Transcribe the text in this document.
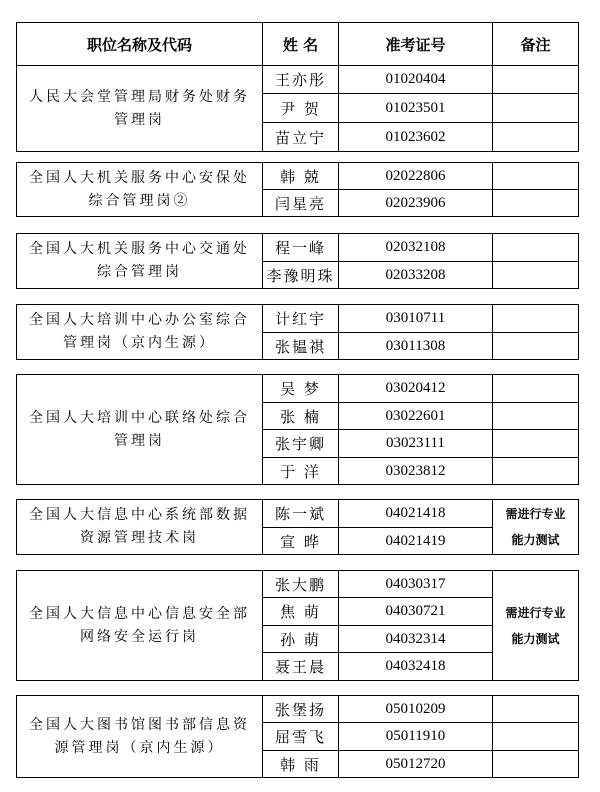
职位名称及代码	姓 名	准考证号	备注
人民大会堂管理局财务处财务管理岗	王亦彤	01020404	
	尹 贺	01023501	
	苗立宁	01023602	
全国人大机关服务中心安保处综合管理岗②	韩 兢	02022806	
	闫星亮	02023906	
全国人大机关服务中心交通处综合管理岗	程一峰	02032108	
	李豫明珠	02033208	
全国人大培训中心办公室综合管理岗（京内生源）	计红宇	03010711	
	张韫祺	03011308	
全国人大培训中心联络处综合管理岗	吴 梦	03020412	
	张 楠	03022601	
	张宇卿	03023111	
	于 洋	03023812	
全国人大信息中心系统部数据资源管理技术岗	陈一斌	04021418	需进行专业能力测试
	宣 晔	04021419	
全国人大信息中心信息安全部网络安全运行岗	张大鹏	04030317	需进行专业能力测试
	焦 萌	04030721	
	孙 萌	04032314	
	聂王晨	04032418	
全国人大图书馆图书部信息资源管理岗（京内生源）	张堡扬	05010209	
	屈雪飞	05011910	
	韩 雨	05012720	
